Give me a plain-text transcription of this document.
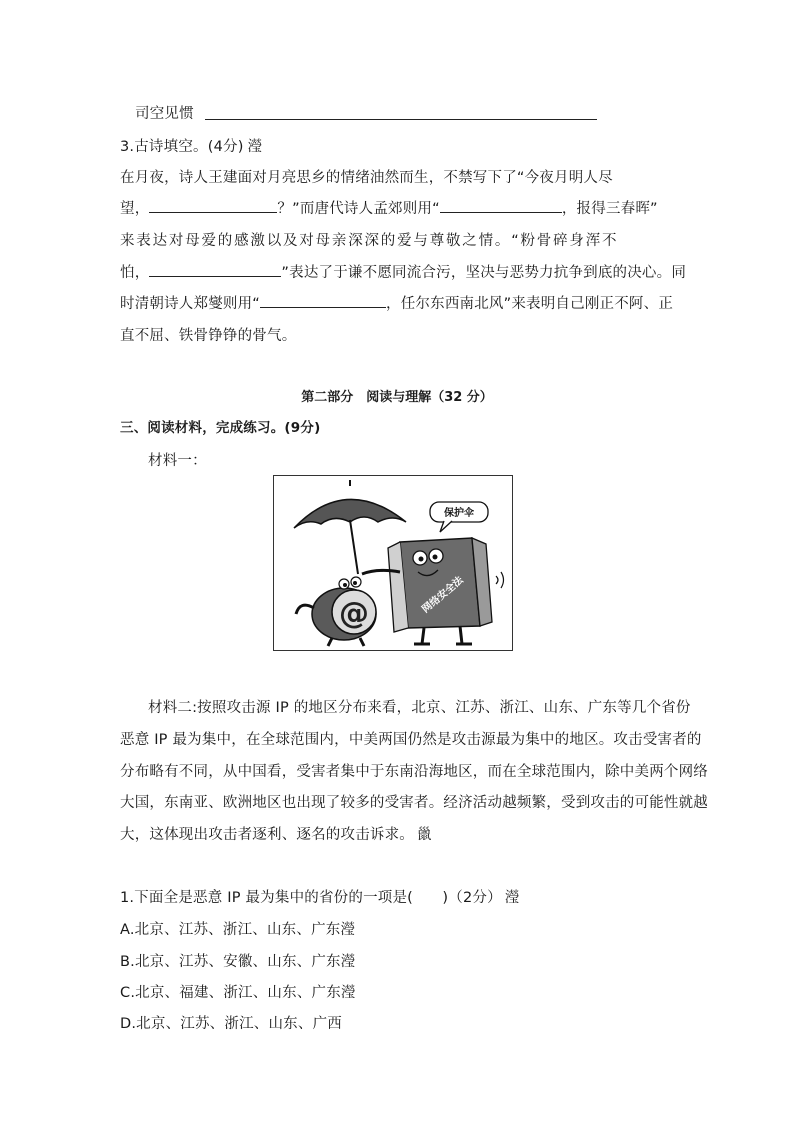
司空见惯
3.古诗填空。(4分) 瀅
在月夜，诗人王建面对月亮思乡的情绪油然而生，不禁写下了“今夜月明人尽
望，	？”而唐代诗人孟郊则用“	，报得三春晖”
来表达对母爱的感激以及对母亲深深的爱与尊敬之情。“粉骨碎身浑不
怕，	”表达了于谦不愿同流合污，坚决与恶势力抗争到底的决心。同
时清朝诗人郑燮则用“	，任尔东西南北风”来表明自己刚正不阿、正
直不屈、铁骨铮铮的骨气。
第二部分　阅读与理解（32 分）
三、阅读材料，完成练习。(9分)
材料一：
保护伞
网络安全法
@
材料二:按照攻击源 IP 的地区分布来看，北京、江苏、浙江、山东、广东等几个省份
恶意 IP 最为集中，在全球范围内，中美两国仍然是攻击源最为集中的地区。攻击受害者的
分布略有不同，从中国看，受害者集中于东南沿海地区，而在全球范围内，除中美两个网络
大国，东南亚、欧洲地区也出现了较多的受害者。经济活动越频繁，受到攻击的可能性就越
大，这体现出攻击者逐利、逐名的攻击诉求。 巤
1.下面全是恶意 IP 最为集中的省份的一项是(　　)（2分） 瀅
A.北京、江苏、浙江、山东、广东瀅
B.北京、江苏、安徽、山东、广东瀅
C.北京、福建、浙江、山东、广东瀅
D.北京、江苏、浙江、山东、广西
